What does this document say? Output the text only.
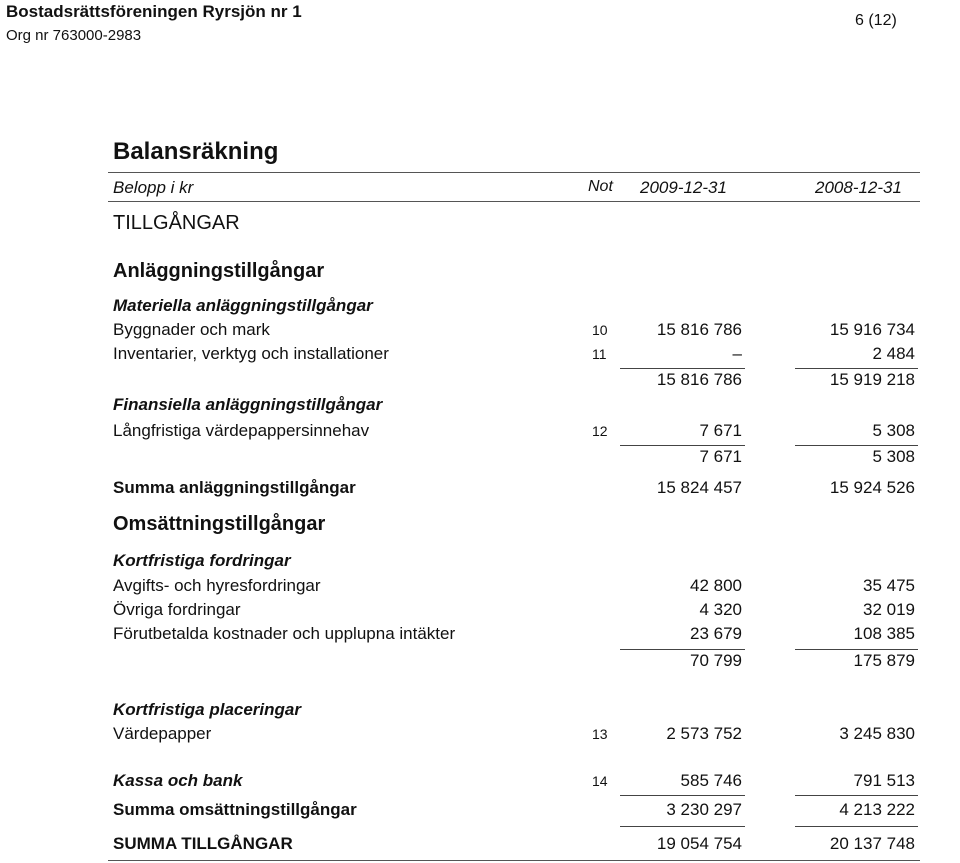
Bostadsrättsföreningen Ryrsjön nr 1
Org nr 763000-2983
6 (12)
Balansräkning
Belopp i kr	Not 2009-12-31	2008-12-31
TILLGÅNGAR
Anläggningstillgångar
Materiella anläggningstillgångar
Byggnader och mark	10	15 816 786	15 916 734
Inventarier, verktyg och installationer	11	–	2 484
15 816 786	15 919 218
Finansiella anläggningstillgångar
Långfristiga värdepappersinnehav	12	7 671	5 308
7 671	5 308
Summa anläggningstillgångar	15 824 457	15 924 526
Omsättningstillgångar
Kortfristiga fordringar
Avgifts- och hyresfordringar	42 800	35 475
Övriga fordringar	4 320	32 019
Förutbetalda kostnader och upplupna intäkter	23 679	108 385
70 799	175 879
Kortfristiga placeringar
Värdepapper	13	2 573 752	3 245 830
Kassa och bank	14	585 746	791 513
Summa omsättningstillgångar	3 230 297	4 213 222
SUMMA TILLGÅNGAR	19 054 754	20 137 748
